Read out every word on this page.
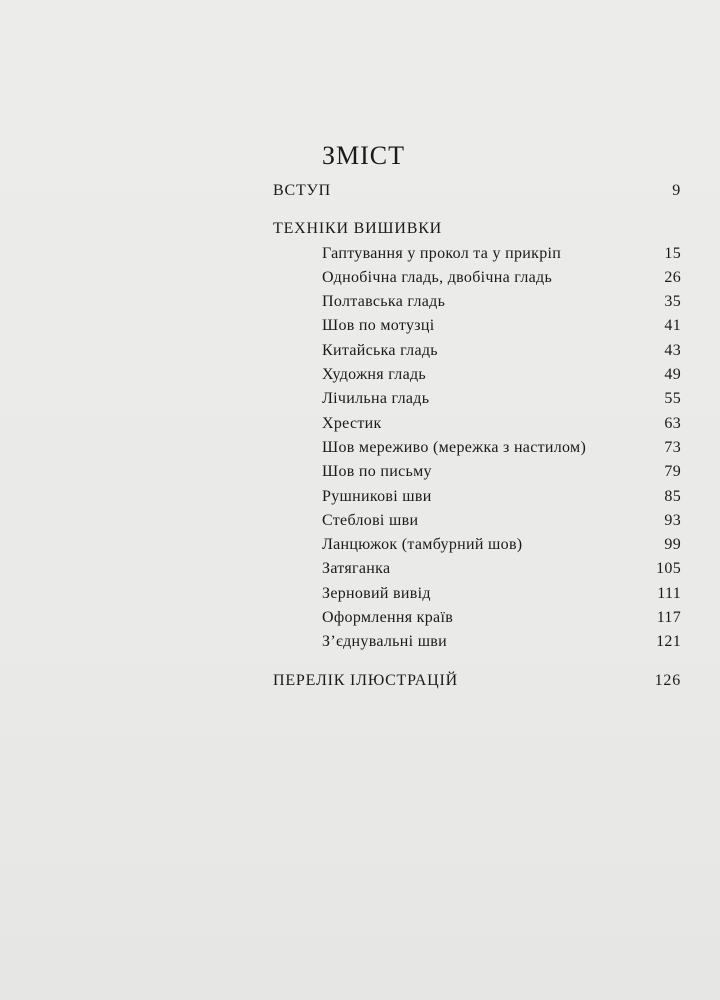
ЗМІСТ
ВСТУП	9
ТЕХНІКИ ВИШИВКИ
Гаптування у прокол та у прикріп	15
Однобічна гладь, двобічна гладь	26
Полтавська гладь	35
Шов по мотузці	41
Китайська гладь	43
Художня гладь	49
Лічильна гладь	55
Хрестик	63
Шов мереживо (мережка з настилом)	73
Шов по письму	79
Рушникові шви	85
Стеблові шви	93
Ланцюжок (тамбурний шов)	99
Затяганка	105
Зерновий вивід	111
Оформлення країв	117
З’єднувальні шви	121
ПЕРЕЛІК ІЛЮСТРАЦІЙ	126
